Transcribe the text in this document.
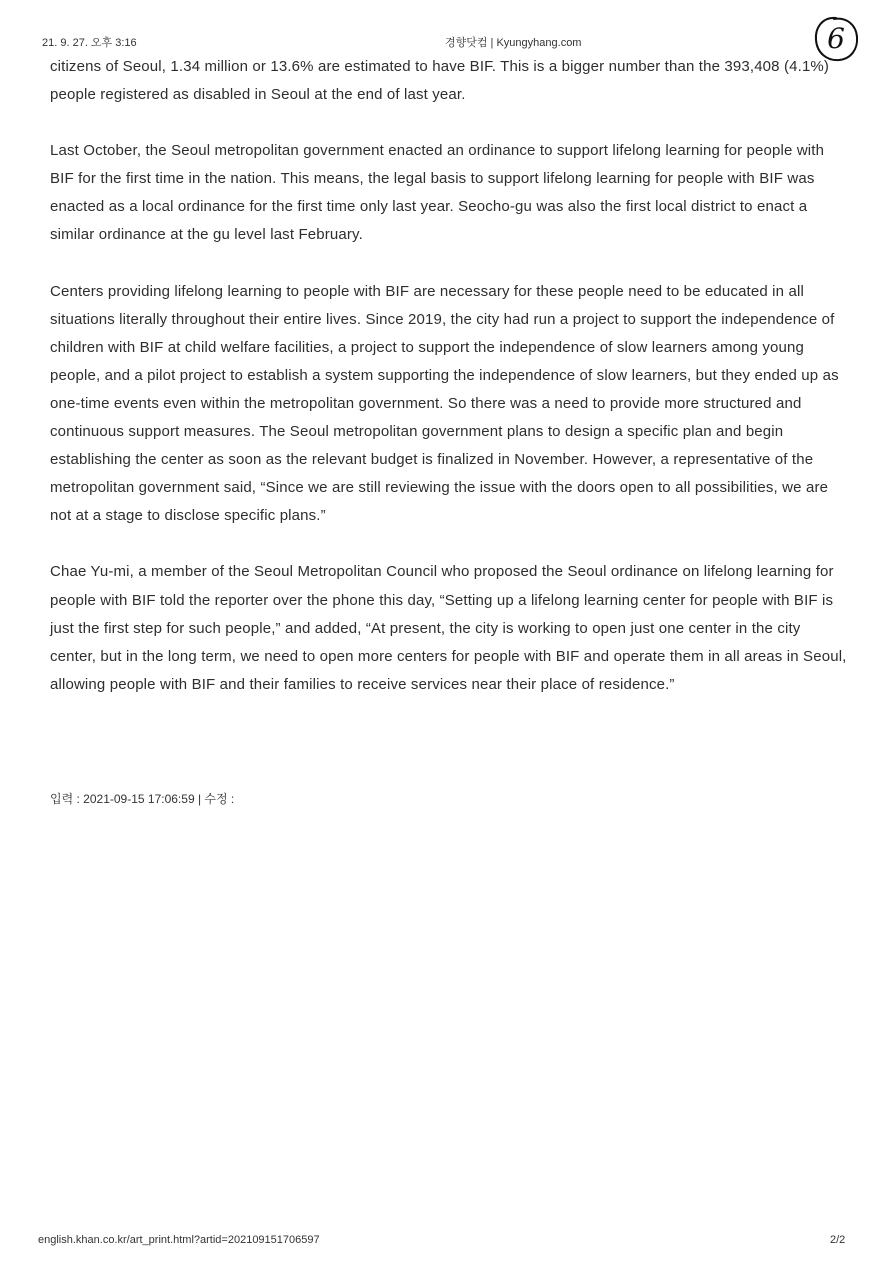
21. 9. 27. 오후 3:16	경향닷컴 | Kyungyhang.com	6

citizens of Seoul, 1.34 million or 13.6% are estimated to have BIF. This is a bigger number than the 393,408 (4.1%) people registered as disabled in Seoul at the end of last year.

Last October, the Seoul metropolitan government enacted an ordinance to support lifelong learning for people with BIF for the first time in the nation. This means, the legal basis to support lifelong learning for people with BIF was enacted as a local ordinance for the first time only last year. Seocho-gu was also the first local district to enact a similar ordinance at the gu level last February.

Centers providing lifelong learning to people with BIF are necessary for these people need to be educated in all situations literally throughout their entire lives. Since 2019, the city had run a project to support the independence of children with BIF at child welfare facilities, a project to support the independence of slow learners among young people, and a pilot project to establish a system supporting the independence of slow learners, but they ended up as one-time events even within the metropolitan government. So there was a need to provide more structured and continuous support measures. The Seoul metropolitan government plans to design a specific plan and begin establishing the center as soon as the relevant budget is finalized in November. However, a representative of the metropolitan government said, “Since we are still reviewing the issue with the doors open to all possibilities, we are not at a stage to disclose specific plans.”

Chae Yu-mi, a member of the Seoul Metropolitan Council who proposed the Seoul ordinance on lifelong learning for people with BIF told the reporter over the phone this day, “Setting up a lifelong learning center for people with BIF is just the first step for such people,” and added, “At present, the city is working to open just one center in the city center, but in the long term, we need to open more centers for people with BIF and operate them in all areas in Seoul, allowing people with BIF and their families to receive services near their place of residence.”

입력 : 2021-09-15 17:06:59 | 수정 :
english.khan.co.kr/art_print.html?artid=202109151706597	2/2
